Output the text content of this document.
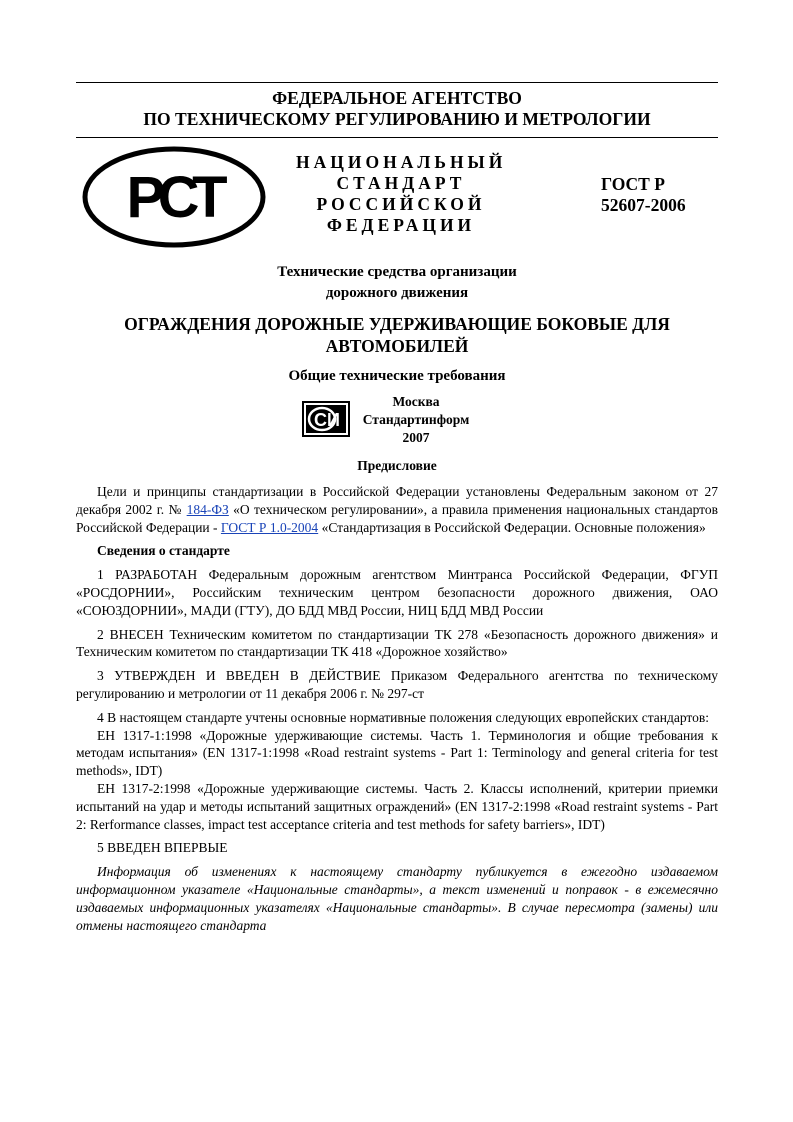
ФЕДЕРАЛЬНОЕ АГЕНТСТВО
ПО ТЕХНИЧЕСКОМУ РЕГУЛИРОВАНИЮ И МЕТРОЛОГИИ
РСТ
НАЦИОНАЛЬНЫЙ
СТАНДАРТ
РОССИЙСКОЙ
ФЕДЕРАЦИИ
ГОСТ Р
52607-2006
Технические средства организации
дорожного движения
ОГРАЖДЕНИЯ ДОРОЖНЫЕ УДЕРЖИВАЮЩИЕ БОКОВЫЕ ДЛЯ
АВТОМОБИЛЕЙ
Общие технические требования
СИ
Москва
Стандартинформ
2007
Предисловие

Цели и принципы стандартизации в Российской Федерации установлены Федеральным законом от 27 декабря 2002 г. № 184-ФЗ «О техническом регулировании», а правила применения национальных стандартов Российской Федерации - ГОСТ Р 1.0-2004 «Стандартизация в Российской Федерации. Основные положения»

Сведения о стандарте

1 РАЗРАБОТАН Федеральным дорожным агентством Минтранса Российской Федерации, ФГУП «РОСДОРНИИ», Российским техническим центром безопасности дорожного движения, ОАО «СОЮЗДОРНИИ», МАДИ (ГТУ), ДО БДД МВД России, НИЦ БДД МВД России

2 ВНЕСЕН Техническим комитетом по стандартизации ТК 278 «Безопасность дорожного движения» и Техническим комитетом по стандартизации ТК 418 «Дорожное хозяйство»

3 УТВЕРЖДЕН И ВВЕДЕН В ДЕЙСТВИЕ Приказом Федерального агентства по техническому регулированию и метрологии от 11 декабря 2006 г. № 297-ст

4 В настоящем стандарте учтены основные нормативные положения следующих европейских стандартов:

ЕН 1317-1:1998 «Дорожные удерживающие системы. Часть 1. Терминология и общие требования к методам испытания» (EN 1317-1:1998 «Road restraint systems - Part 1: Terminology and general criteria for test methods», IDT)

ЕН 1317-2:1998 «Дорожные удерживающие системы. Часть 2. Классы исполнений, критерии приемки испытаний на удар и методы испытаний защитных ограждений» (EN 1317-2:1998 «Road restraint systems - Part 2: Rerformance classes, impact test acceptance criteria and test methods for safety barriers», IDT)

5 ВВЕДЕН ВПЕРВЫЕ

Информация об изменениях к настоящему стандарту публикуется в ежегодно издаваемом информационном указателе «Национальные стандарты», а текст изменений и поправок - в ежемесячно издаваемых информационных указателях «Национальные стандарты». В случае пересмотра (замены) или отмены настоящего стандарта
